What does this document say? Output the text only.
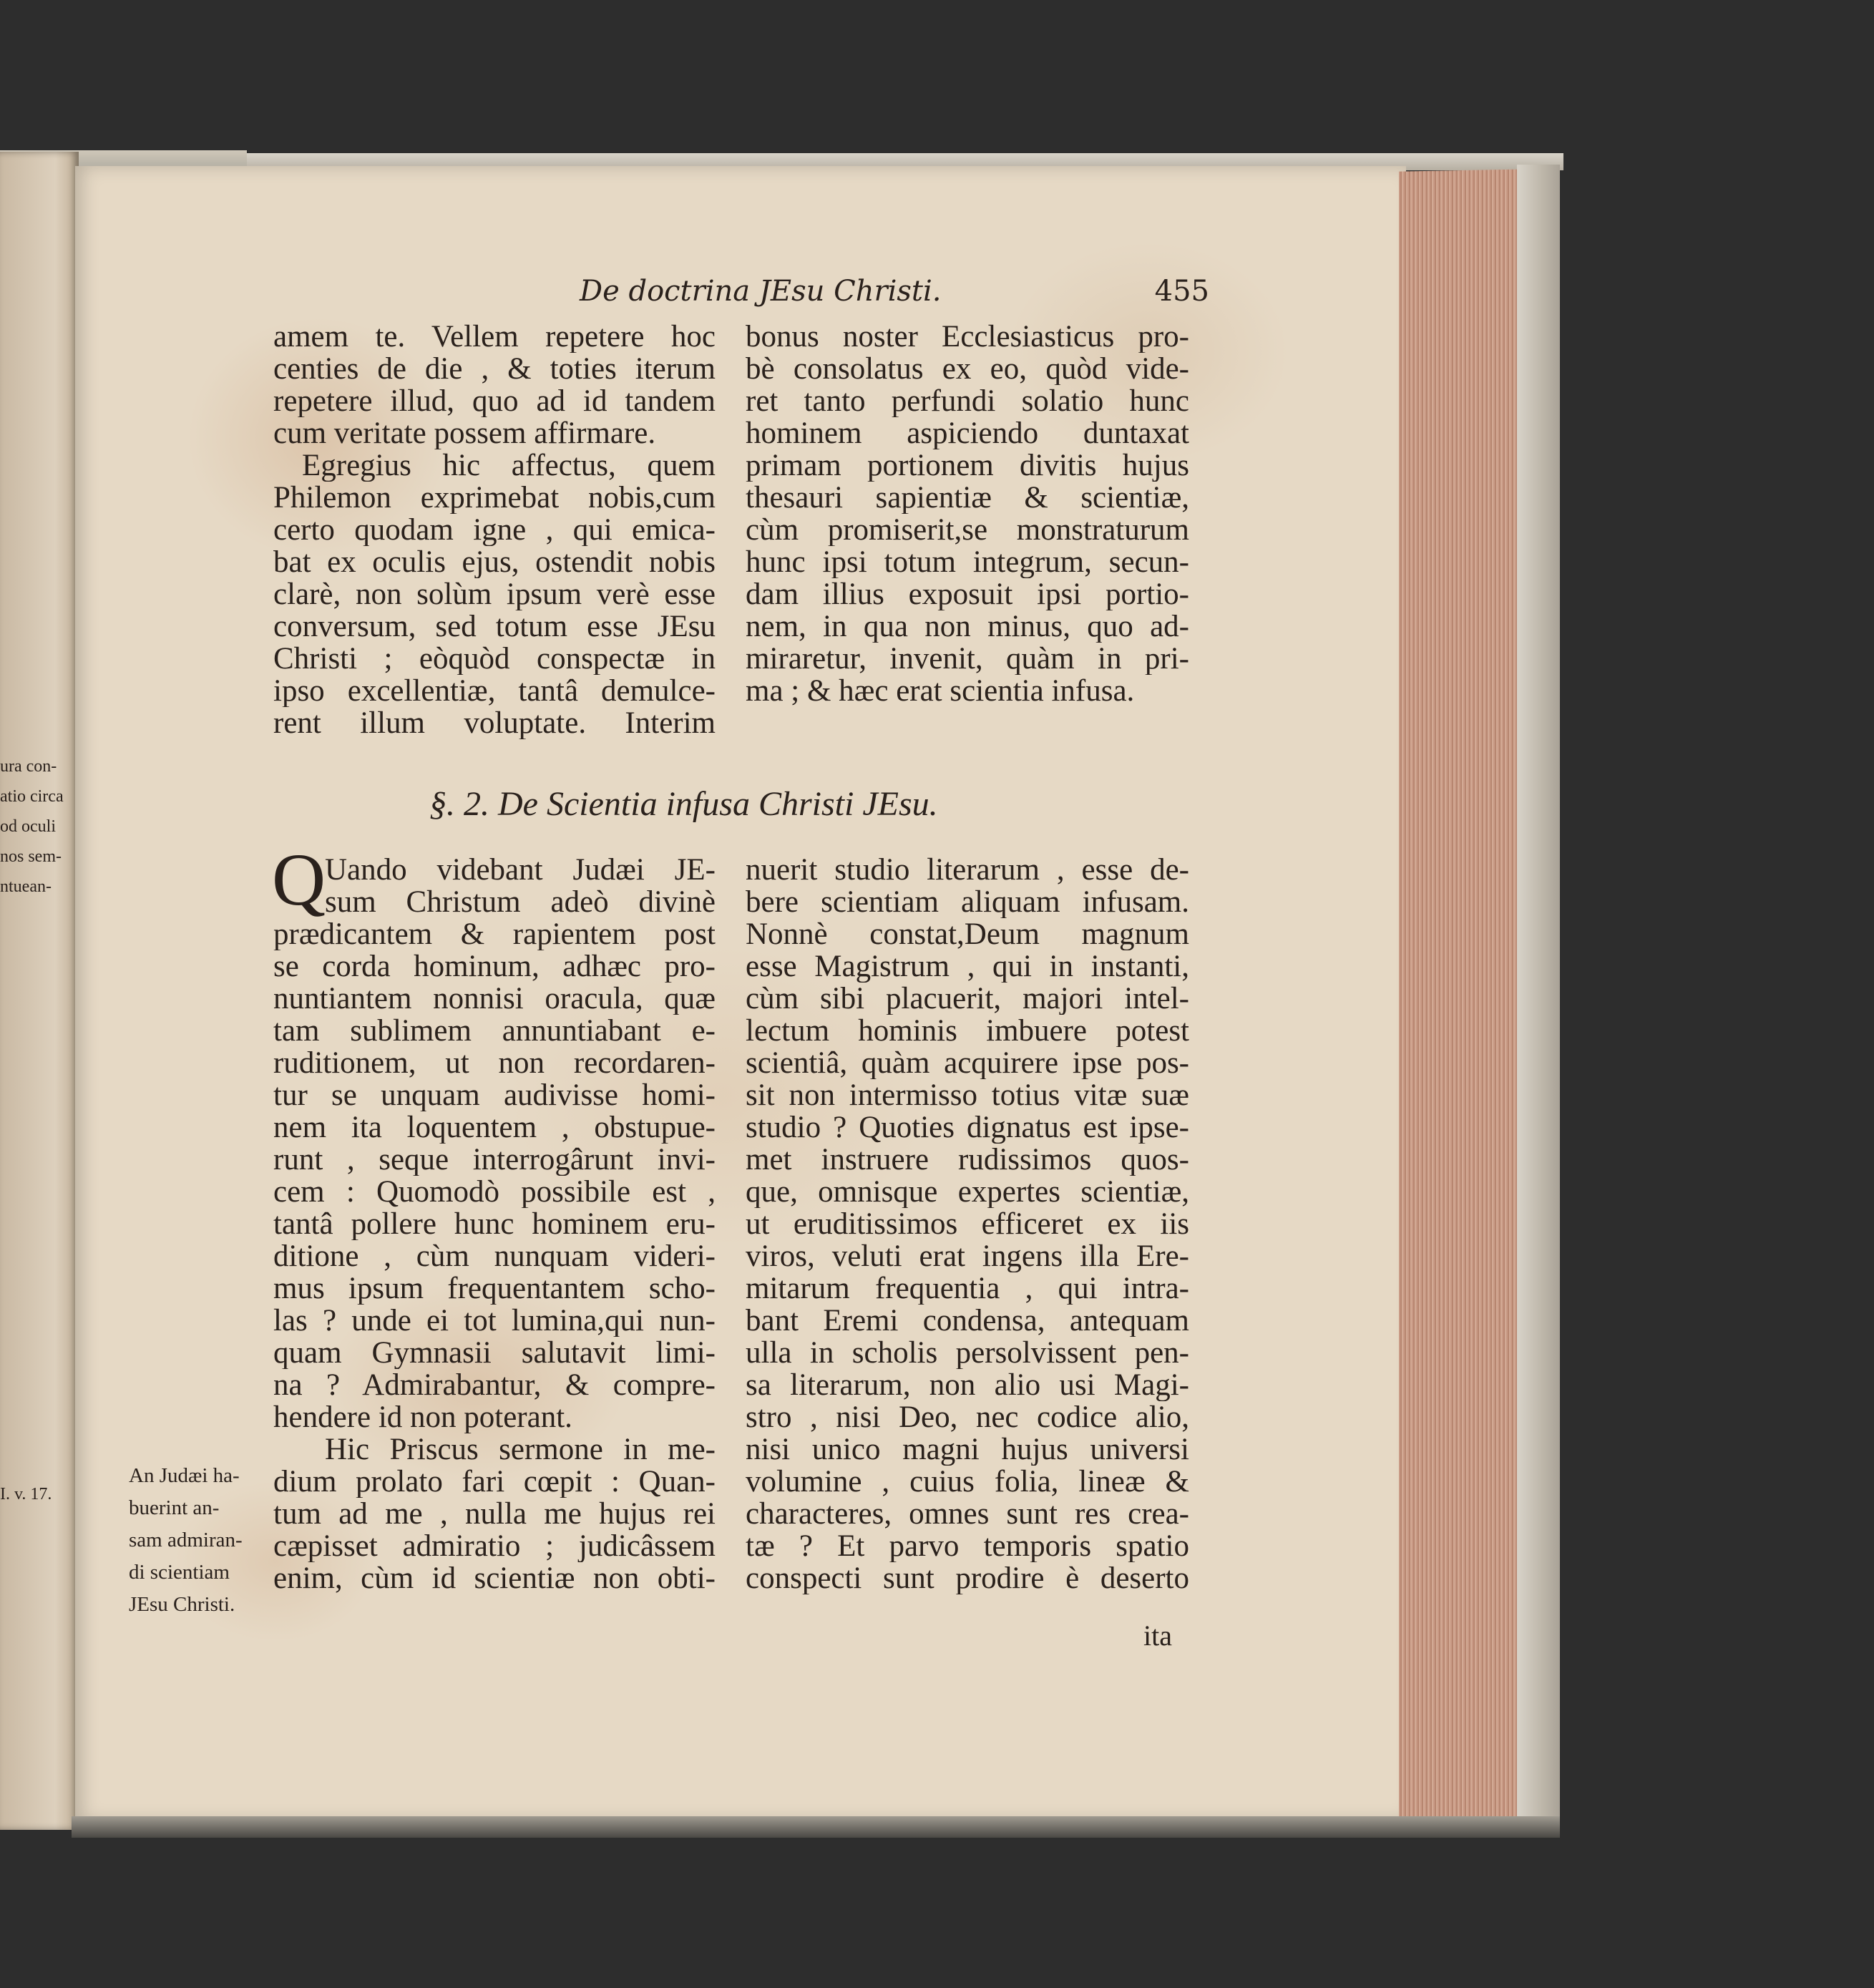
ura con-
atio circa
od oculi
nos sem-
ntuean-
I. v. 17.
De doctrina JEsu Christi.	455
amem te. Vellem repetere hoc
centies de die , & toties iterum
repetere illud, quo ad id tandem
cum veritate possem affirmare.
Egregius hic affectus, quem
Philemon exprimebat nobis,cum
certo quodam igne , qui emica-
bat ex oculis ejus, ostendit nobis
clarè, non solùm ipsum verè esse
conversum, sed totum esse JEsu
Christi ; eòquòd conspectæ in
ipso excellentiæ, tantâ demulce-
rent illum voluptate. Interim
bonus noster Ecclesiasticus pro-
bè consolatus ex eo, quòd vide-
ret tanto perfundi solatio hunc
hominem aspiciendo duntaxat
primam portionem divitis hujus
thesauri sapientiæ & scientiæ,
cùm promiserit,se monstraturum
hunc ipsi totum integrum, secun-
dam illius exposuit ipsi portio-
nem, in qua non minus, quo ad-
miraretur, invenit, quàm in pri-
ma ; & hæc erat scientia infusa.
§. 2. De Scientia infusa Christi JEsu.
Q
Uando videbant Judæi JE-
sum Christum adeò divinè
prædicantem & rapientem post
se corda hominum, adhæc pro-
nuntiantem nonnisi oracula, quæ
tam sublimem annuntiabant e-
ruditionem, ut non recordaren-
tur se unquam audivisse homi-
nem ita loquentem , obstupue-
runt , seque interrogârunt invi-
cem : Quomodò possibile est ,
tantâ pollere hunc hominem eru-
ditione , cùm nunquam videri-
mus ipsum frequentantem scho-
las ? unde ei tot lumina,qui nun-
quam Gymnasii salutavit limi-
na ? Admirabantur, & compre-
hendere id non poterant.
Hic Priscus sermone in me-
dium prolato fari cœpit : Quan-
tum ad me , nulla me hujus rei
cæpisset admiratio ; judicâssem
enim, cùm id scientiæ non obti-
nuerit studio literarum , esse de-
bere scientiam aliquam infusam.
Nonnè constat,Deum magnum
esse Magistrum , qui in instanti,
cùm sibi placuerit, majori intel-
lectum hominis imbuere potest
scientiâ, quàm acquirere ipse pos-
sit non intermisso totius vitæ suæ
studio ? Quoties dignatus est ipse-
met instruere rudissimos quos-
que, omnisque expertes scientiæ,
ut eruditissimos efficeret ex iis
viros, veluti erat ingens illa Ere-
mitarum frequentia , qui intra-
bant Eremi condensa, antequam
ulla in scholis persolvissent pen-
sa literarum, non alio usi Magi-
stro , nisi Deo, nec codice alio,
nisi unico magni hujus universi
volumine , cuius folia, lineæ &
characteres, omnes sunt res crea-
tæ ? Et parvo temporis spatio
conspecti sunt prodire è deserto
An Judæi ha-
buerint an-
sam admiran-
di scientiam
JEsu Christi.
ita
